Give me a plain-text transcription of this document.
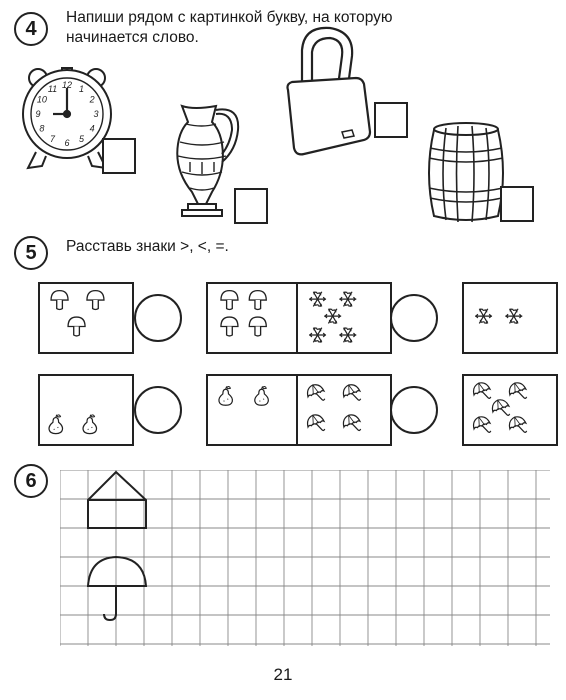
4	Напиши рядом с картинкой букву, на которую
начинается слово.

12 1
2
3
4
5
6
7
8
9
10
11
5	Расставь знаки >, <, =.
6
21
